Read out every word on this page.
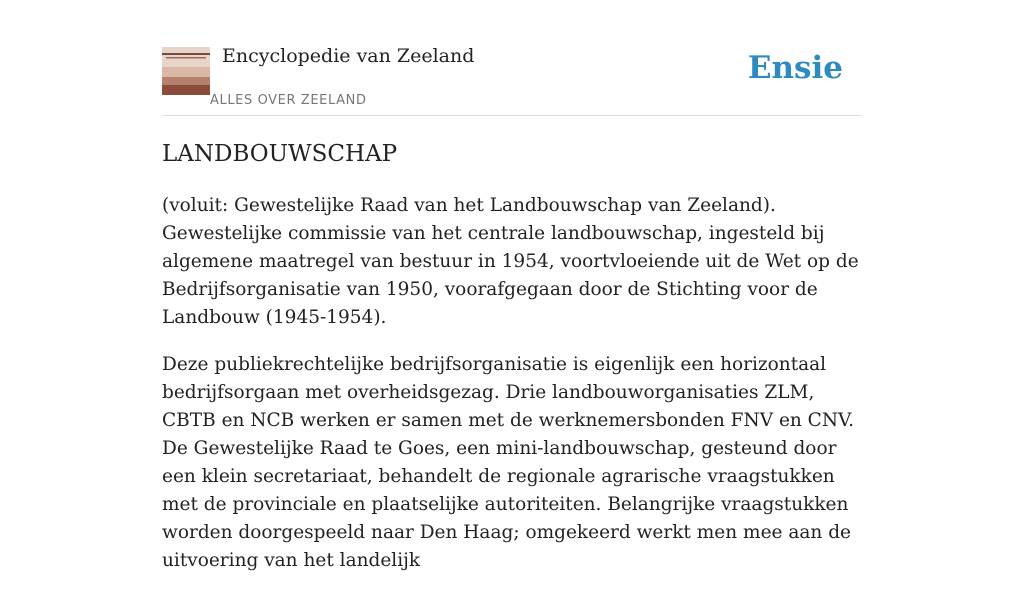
Encyclopedie van Zeeland
ALLES OVER ZEELAND
Ensie
LANDBOUWSCHAP

(voluit: Gewestelijke Raad van het Landbouwschap van Zeeland). Gewestelijke commissie van het centrale landbouwschap, ingesteld bij algemene maatregel van bestuur in 1954, voortvloeiende uit de Wet op de Bedrijfsorganisatie van 1950, voorafgegaan door de Stichting voor de Landbouw (1945-1954).

Deze publiekrechtelijke bedrijfsorganisatie is eigenlijk een horizontaal bedrijfsorgaan met overheidsgezag. Drie landbouworganisaties ZLM, CBTB en NCB werken er samen met de werknemersbonden FNV en CNV. De Gewestelijke Raad te Goes, een mini-landbouwschap, gesteund door een klein secretariaat, behandelt de regionale agrarische vraagstukken met de provinciale en plaatselijke autoriteiten. Belangrijke vraagstukken worden doorgespeeld naar Den Haag; omgekeerd werkt men mee aan de uitvoering van het landelijk
